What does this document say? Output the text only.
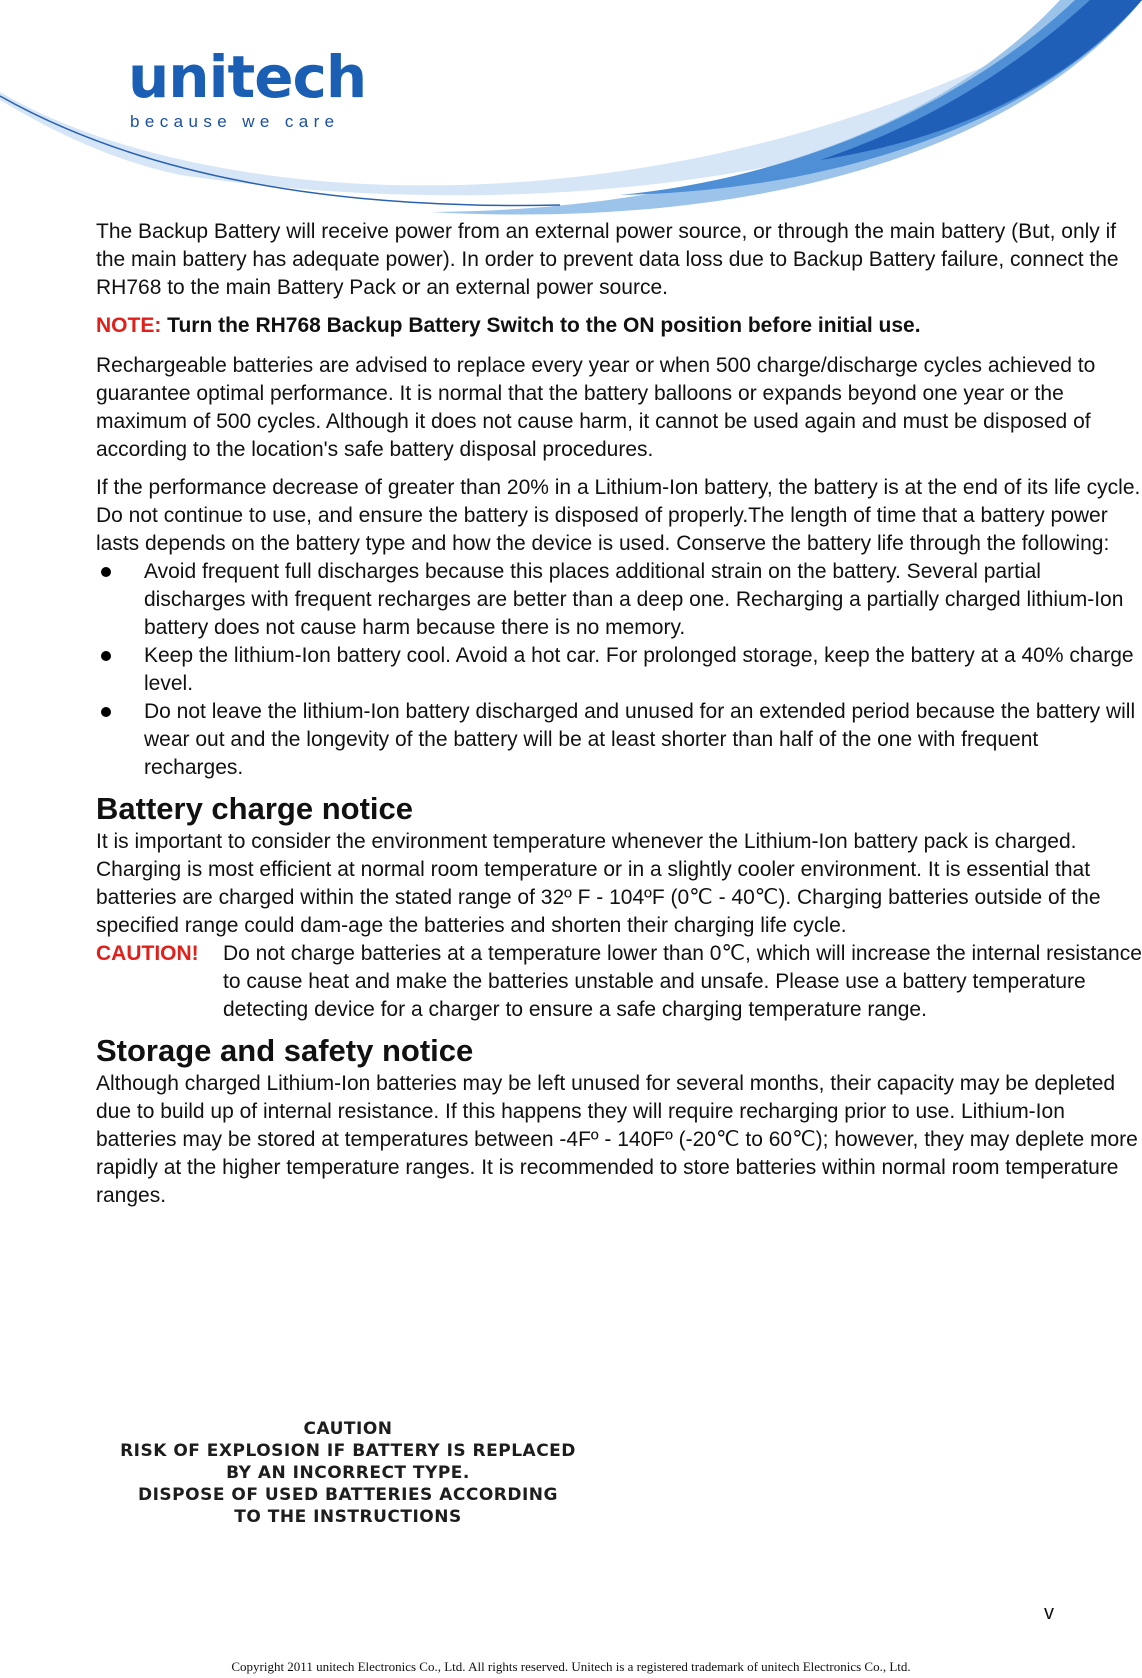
unitech
because we care

The Backup Battery will receive power from an external power source, or through the main battery (But, only if the main battery has adequate power). In order to prevent data loss due to Backup Battery failure, connect the RH768 to the main Battery Pack or an external power source.

NOTE: Turn the RH768 Backup Battery Switch to the ON position before initial use.

Rechargeable batteries are advised to replace every year or when 500 charge/discharge cycles achieved to guarantee optimal performance. It is normal that the battery balloons or expands beyond one year or the maximum of 500 cycles. Although it does not cause harm, it cannot be used again and must be disposed of according to the location's safe battery disposal procedures.

If the performance decrease of greater than 20% in a Lithium-Ion battery, the battery is at the end of its life cycle. Do not continue to use, and ensure the battery is disposed of properly.The length of time that a battery power lasts depends on the battery type and how the device is used. Conserve the battery life through the following:

Avoid frequent full discharges because this places additional strain on the battery. Several partial discharges with frequent recharges are better than a deep one. Recharging a partially charged lithium-Ion battery does not cause harm because there is no memory.
Keep the lithium-Ion battery cool. Avoid a hot car. For prolonged storage, keep the battery at a 40% charge level.
Do not leave the lithium-Ion battery discharged and unused for an extended period because the battery will wear out and the longevity of the battery will be at least shorter than half of the one with frequent recharges.
Battery charge notice

It is important to consider the environment temperature whenever the Lithium-Ion battery pack is charged. Charging is most efficient at normal room temperature or in a slightly cooler environment. It is essential that batteries are charged within the stated range of 32º F - 104ºF (0℃ - 40℃). Charging batteries outside of the specified range could dam-age the batteries and shorten their charging life cycle.

CAUTION!	Do not charge batteries at a temperature lower than 0℃, which will increase the internal resistance to cause heat and make the batteries unstable and unsafe. Please use a battery temperature detecting device for a charger to ensure a safe charging temperature range.
Storage and safety notice

Although charged Lithium-Ion batteries may be left unused for several months, their capacity may be depleted due to build up of internal resistance. If this happens they will require recharging prior to use. Lithium-Ion batteries may be stored at temperatures between -4Fº - 140Fº (-20℃ to 60℃); however, they may deplete more rapidly at the higher temperature ranges. It is recommended to store batteries within normal room temperature ranges.

CAUTION
RISK OF EXPLOSION IF BATTERY IS REPLACED
BY AN INCORRECT TYPE.
DISPOSE OF USED BATTERIES ACCORDING
TO THE INSTRUCTIONS
v
Copyright 2011 unitech Electronics Co., Ltd. All rights reserved. Unitech is a registered trademark of unitech Electronics Co., Ltd.
